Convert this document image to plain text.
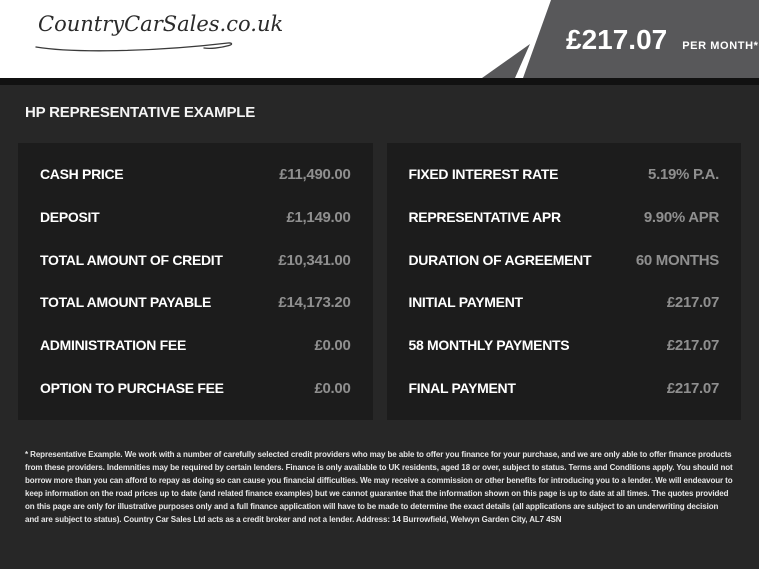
CountryCarSales.co.uk	£217.07 PER MONTH*
HP REPRESENTATIVE EXAMPLE
CASH PRICE	£11,490.00
DEPOSIT	£1,149.00
TOTAL AMOUNT OF CREDIT	£10,341.00
TOTAL AMOUNT PAYABLE	£14,173.20
ADMINISTRATION FEE	£0.00
OPTION TO PURCHASE FEE	£0.00
FIXED INTEREST RATE	5.19% P.A.
REPRESENTATIVE APR	9.90% APR
DURATION OF AGREEMENT	60 MONTHS
INITIAL PAYMENT	£217.07
58 MONTHLY PAYMENTS	£217.07
FINAL PAYMENT	£217.07

* Representative Example. We work with a number of carefully selected credit providers who may be able to offer you finance for your purchase, and we are only able to offer finance products from these providers. Indemnities may be required by certain lenders. Finance is only available to UK residents, aged 18 or over, subject to status. Terms and Conditions apply. You should not borrow more than you can afford to repay as doing so can cause you financial difficulties. We may receive a commission or other benefits for introducing you to a lender. We will endeavour to keep information on the road prices up to date (and related finance examples) but we cannot guarantee that the information shown on this page is up to date at all times. The quotes provided on this page are only for illustrative purposes only and a full finance application will have to be made to determine the exact details (all applications are subject to an underwriting decision and are subject to status). Country Car Sales Ltd acts as a credit broker and not a lender. Address: 14 Burrowfield, Welwyn Garden City, AL7 4SN
